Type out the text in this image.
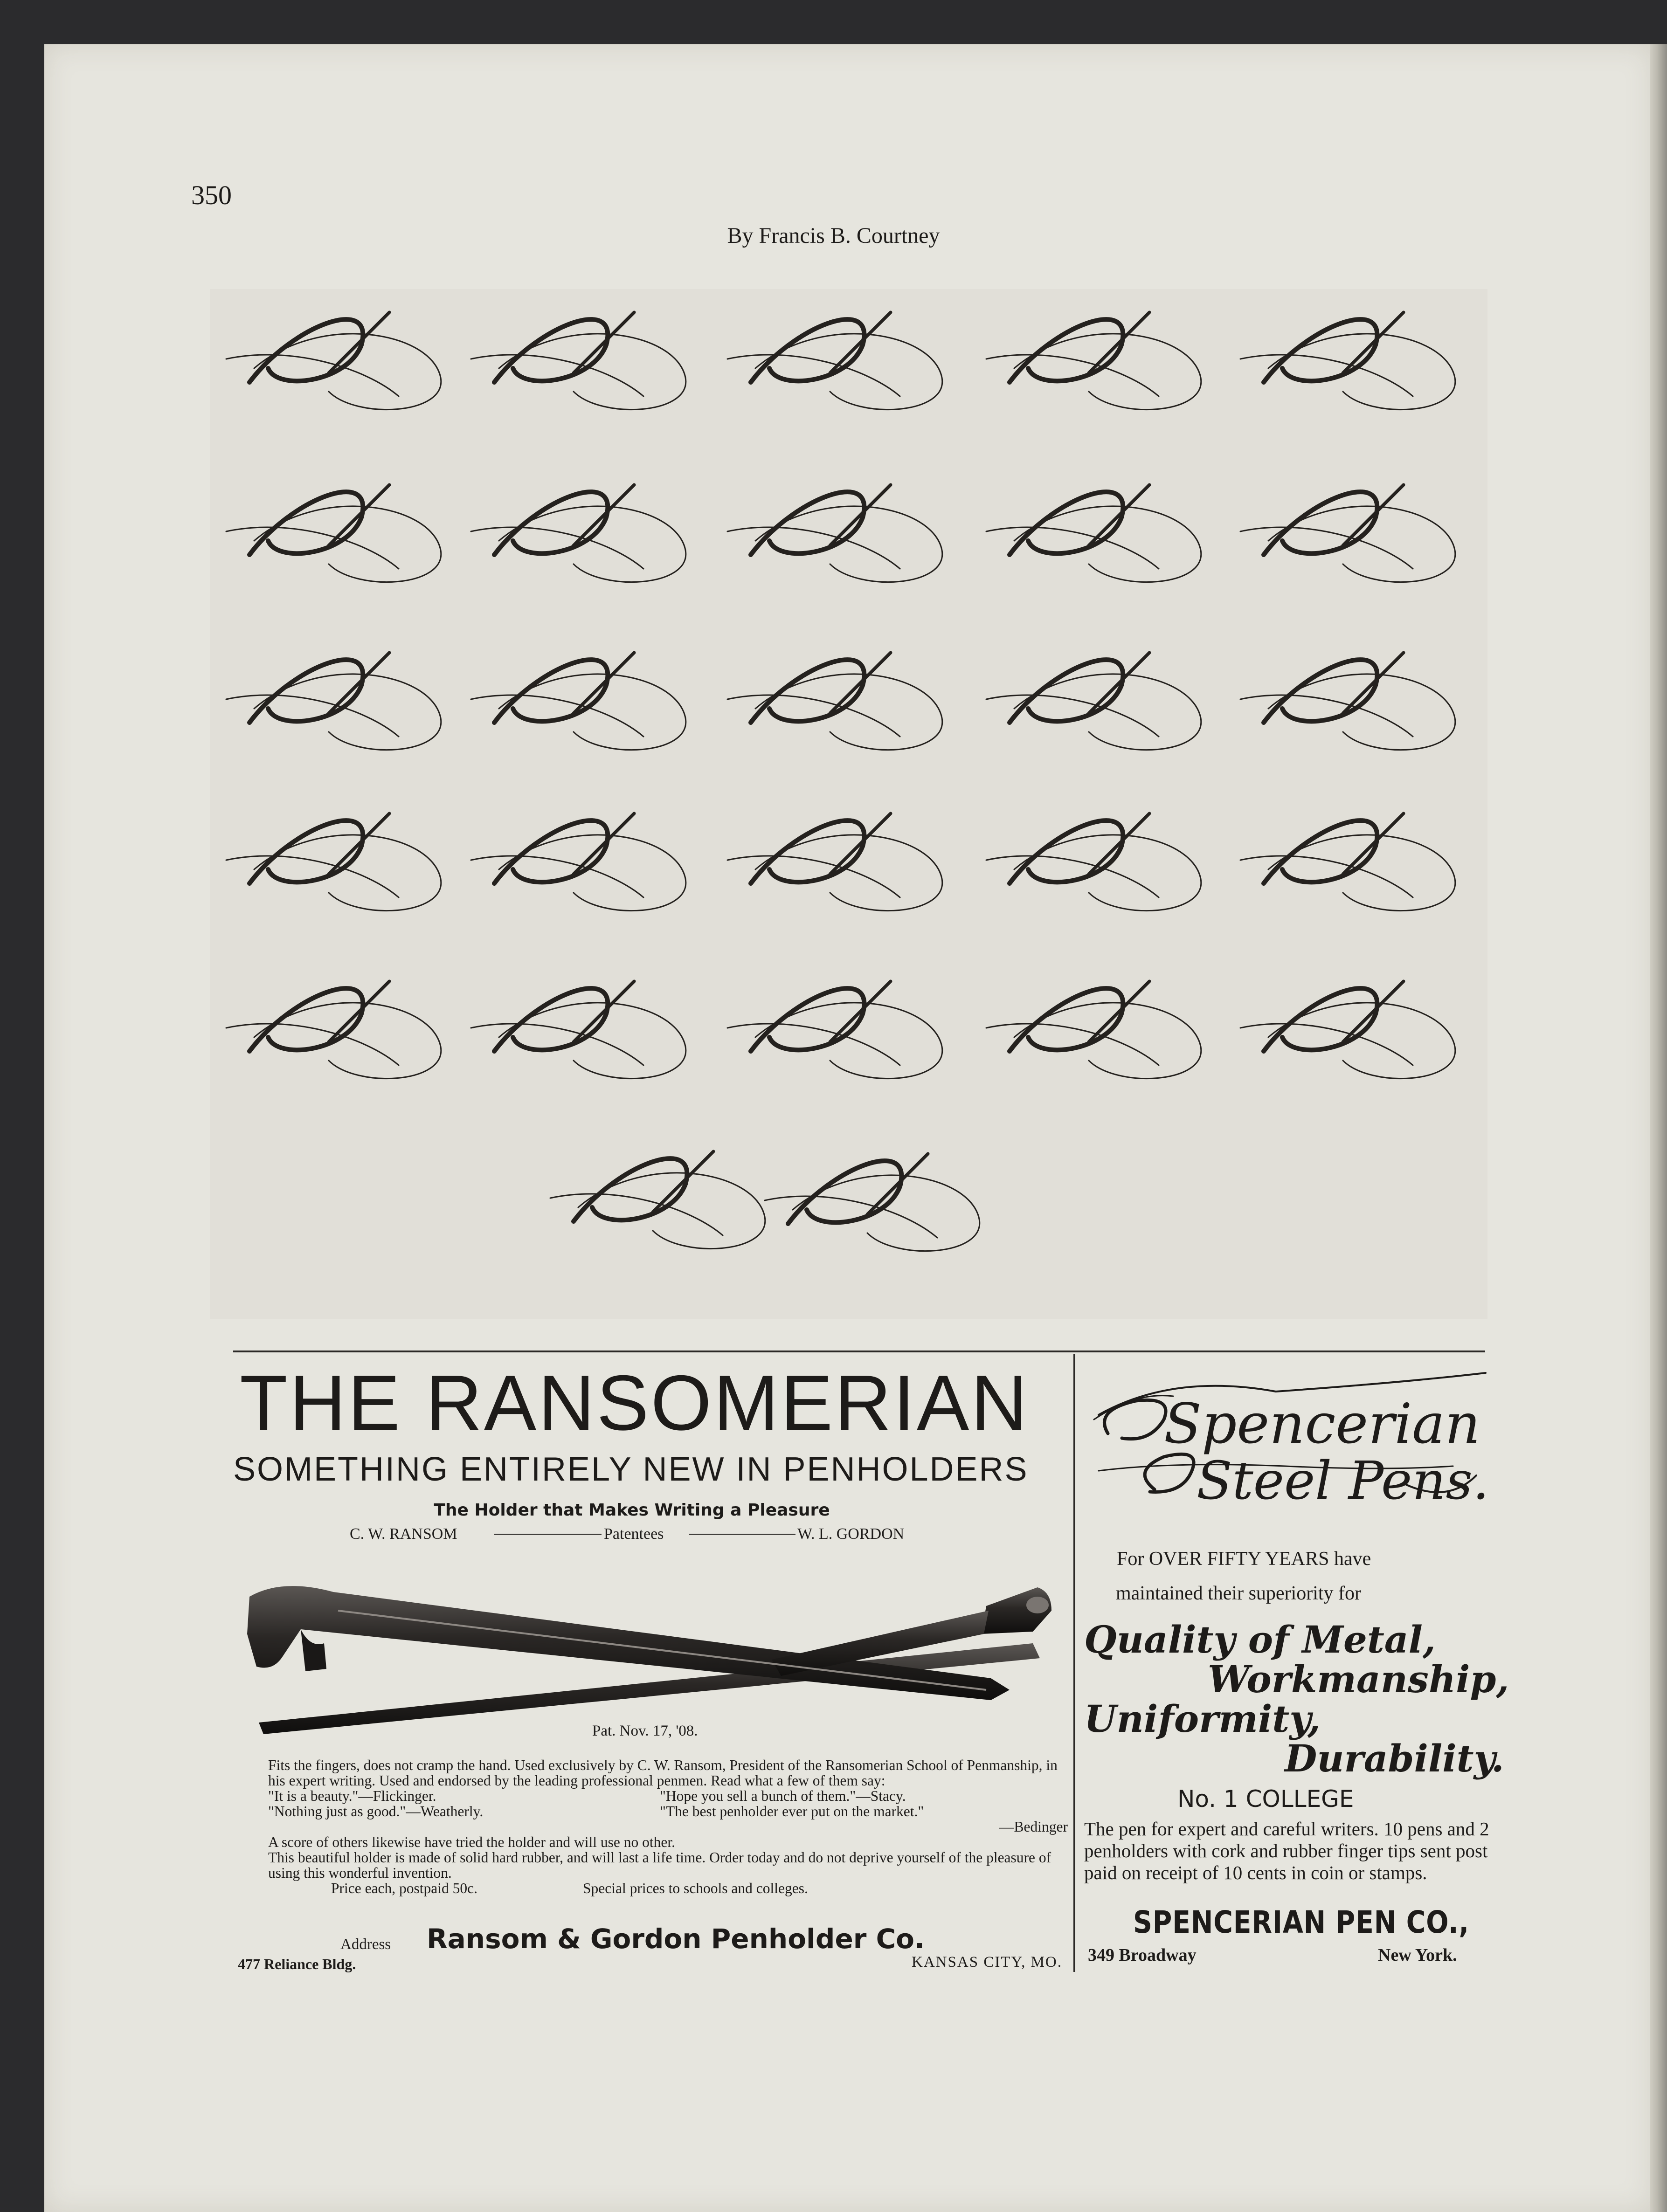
350
By Francis B. Courtney
THE RANSOMERIAN
SOMETHING ENTIRELY NEW IN PENHOLDERS
The Holder that Makes Writing a Pleasure
C. W. RANSOM	Patentees	W. L. GORDON
Pat. Nov. 17, '08.

Fits the fingers, does not cramp the hand. Used exclusively by C. W. Ransom, President of the Ransomerian School of Penmanship, in his expert writing. Used and endorsed by the leading professional penmen. Read what a few of them say:

"It is a beauty."—Flickinger.	"Hope you sell a bunch of them."—Stacy.
"Nothing just as good."—Weatherly.	"The best penholder ever put on the market."

—Bedinger

A score of others likewise have tried the holder and will use no other.

This beautiful holder is made of solid hard rubber, and will last a life time. Order today and do not deprive yourself of the pleasure of using this wonderful invention.

Price each, postpaid 50c.	Special prices to schools and colleges.
Address Ransom & Gordon Penholder Co.
477 Reliance Bldg.	KANSAS CITY, MO.
Spencerian
Steel Pens.
For OVER FIFTY YEARS have
maintained their superiority for
Quality of Metal,
Workmanship,
Uniformity,
Durability.
No. 1 COLLEGE
The pen for expert and careful writers. 10 pens and 2 penholders with cork and rubber finger tips sent post paid on receipt of 10 cents in coin or stamps.
SPENCERIAN PEN CO.,
349 Broadway	New York.
